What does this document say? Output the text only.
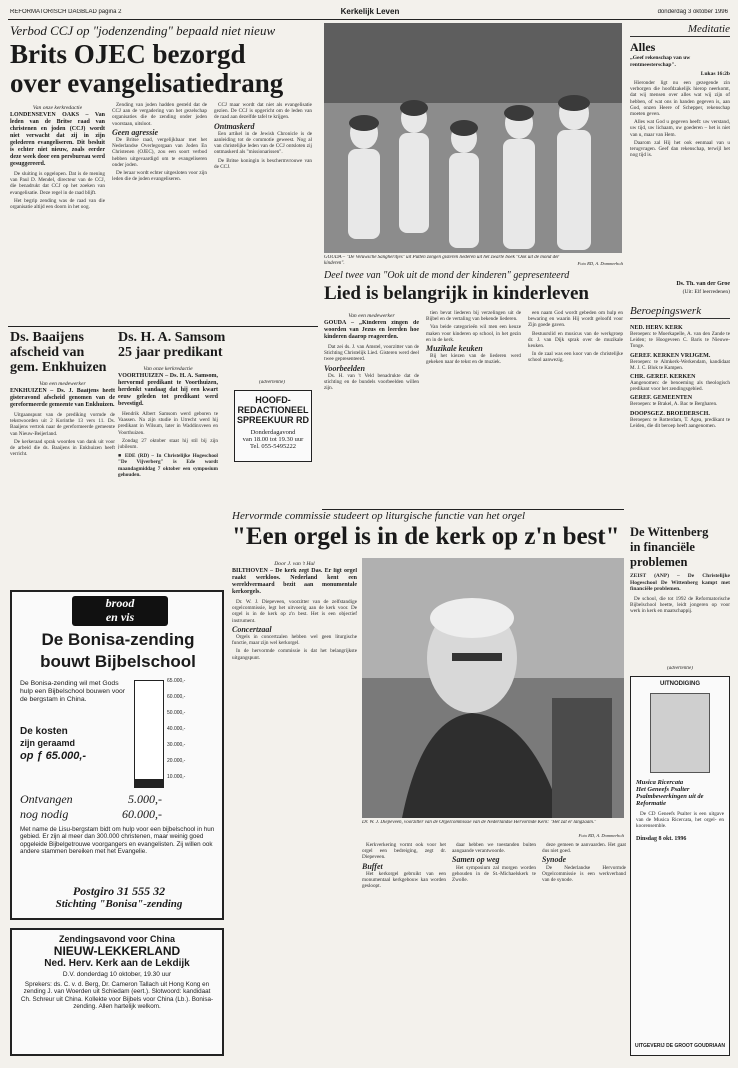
REFORMATORISCH DAGBLAD pagina 2	Kerkelijk Leven	donderdag 3 oktober 1996
Verbod CCJ op "jodenzending" bepaald niet nieuw
Brits OJEC bezorgd
over evangelisatiedrang
Van onze kerkredactie
LONDENSEVEN OAKS – Van leden van de Britse raad van christenen en joden (CCJ) wordt niet verwacht dat zij in zijn gelederen evangeliseren. Dit besluit is echter niet nieuw, zoals eerder deze week door een persbureau werd gesuggereerd.

De sluiting is opgelopen. Dat is de mening van Paul D. Mendel, directeur van de CCJ, die benadrukt dat CCJ op het zoeken van evangelisatie. Deze regel in de raad blijft.

Het begrip zending was de raad van die organisatie altijd een doorn in het oog.

Zending van joden hadden gesteld dat de CCJ aan de vergadering van het gezelschap organisaties die de zending onder joden voorstaan, uitsloot.

Geen agressie

De Britse raad, vergelijkbaar met het Nederlandse Overlegorgaan van Joden En Christenen (OJEC), zou een soort verbod hebben uitgevaardigd om te evangeliseren onder joden.

De leraar wordt echter uitgesloten voor zijn leden die de joden evangeliseren.

CCJ maar wordt dat niet als evangelisatie gezien. De CCJ is opgericht om de leden van de raad aan dezelfde tafel te krijgen.

Ontmaskerd

Een artikel in de Jewish Chronicle is de aanleiding tot de commotie geweest. Nog al van christelijke leden van de CCJ ontsloten zij ontmaskerd als "missionarissen".

De Britse koningin is beschermvrouwe van de CCJ.

Ds. Baaijens
afscheid van
gem. Enkhuizen
Van een medewerker
ENKHUIZEN – Ds. J. Baaijens heeft gisteravond afscheid genomen van de gereformeerde gemeente van Enkhuizen.

Uitgaanspunt van de prediking vormde de tekstwoorden uit 2 Korinthe 13 vers 11. Ds. Baaijens vertrok naar de gereformeerde gemeente van Nieuw-Beijerland.

De kerkeraad sprak woorden van dank uit voor de arbeid die ds. Baaijens in Enkhuizen heeft verricht.

Ds. H. A. Samsom
25 jaar predikant
Van onze kerkredactie
VOORTHUIZEN – Ds. H. A. Samsom, hervormd predikant te Voorthuizen, herdenkt vandaag dat hij een kwart eeuw geleden tot predikant werd bevestigd.

Hendrik Albert Samsom werd geboren te Vaassen. Na zijn studie in Utrecht werd hij predikant in Wilsum, later in Waddinxveen en Voorthuizen.

Zondag 27 oktober staat hij stil bij zijn jubileum.

■ EDE (RD) – In Christelijke Hogeschool "De Vijverberg" is Ede wordt maandagmiddag 7 oktober een symposium gehouden.
(advertentie)
HOOFD-
REDACTIONEEL
SPREEKUUR RD
Donderdagavond
van 18.00 tot 19.30 uur
Tel. 055-5495222
GOUDA – "De Veluwsche Sangheritjes" uit Putten zongen gisteren liederen uit het zwarte boek "Ook uit de mond der kinderen".	Foto RD, A. Dommerholt
Deel twee van "Ook uit de mond der kinderen" gepresenteerd
Lied is belangrijk in kinderleven
Van een medewerker
GOUDA – „Kinderen zingen de woorden van Jezus en leerden hoe kinderen daarop reageerden.

Dat zei ds. J. van Amstel, voorzitter van de Stichting Christelijk Lied. Gisteren werd deel twee gepresenteerd.

Voorbeelden

Ds. H. van 't Veld benadrukte dat de stichting en de bundels voorbeelden willen zijn.

tien bevat liederen bij verzelingen uit de Bijbel en de vertaling van bekende liederen.

Van beide categorieën wil men een keuze maken voor kinderen op school, in het gezin en in de kerk.

Muzikale keuken

Bij het kiezen van de liederen werd gekeken naar de tekst en de muziek.

een naam God wordt gebeden om hulp en bewaring en waarin Hij wordt geloofd voor Zijn goede gaven.

Bestuurslid en musicus van de werkgroep dr. J. van Dijk sprak over de muzikale keuken.

In de zaal was een koor van de christelijke school aanwezig.

Hervormde commissie studeert op liturgische functie van het orgel
"Een orgel is in de kerk op z'n best"
Door J. van 't Hul
BILTHOVEN – De kerk zegt Das. Er ligt orgel raakt werkloos. Nederland kent een wereldvermaard bezit aan monumentale kerkorgels.

Dr. W. J. Diepeveen, voorzitter van de zelfstandige orgelcommissie, legt het uitvoerig aan de kerk voor. De orgel is in de kerk op z'n best. Het is een objectief instrument.

Concertzaal

Orgels in concertzalen hebben wel geen liturgische functie, maar zijn wel kerkorgel.

In de hervormde commissie is dat het belangrijkste uitgangspunt.

Dr. W. J. Diepeveen, voorzitter van de Orgelcommissie van de Nederlandse Hervormde Kerk: "Het zat er langzaam."
Foto RD, A. Dommerholt

Kerkverkering vormt ook voor het orgel een bedreiging, zegt dr. Diepeveen.

Buffet

Het kerkorgel gebruikt van een monumentaal kerkgebouw kan worden gesloopt.

daar hebben we toestanden buiten aangaande verantwoorde.

Samen op weg

Het symposium zal morgen worden gehouden in de St.-Michaelskerk te Zwolle.

deze gemeen te aanvaarden. Het gaat dus niet goed.

Synode

De Nederlandse Hervormde Orgelcommissie is een werkverband van de synode.

brood
en vis
De Bonisa-zending
bouwt Bijbelschool
De Bonisa-zending wil met Gods hulp een Bijbelschool bouwen voor de bergstam in China.
De kosten
zijn geraamd
op ƒ 65.000,-
65.000,-
60.000,-
50.000,-
40.000,-
30.000,-
20.000,-
10.000,-
Ontvangen	5.000,-
nog nodig	60.000,-
Met name de Lisu-bergstam bidt om hulp voor een bijbelschool in hun gebied. Er zijn al meer dan 300.000 christenen, maar weinig goed opgeleide Bijbelgetrouwe voorgangers en evangelisten. Zij willen ook andere stammen bereiken met het Evangelie.
Postgiro 31 555 32
Stichting "Bonisa"-zending
Zendingsavond voor China
NIEUW-LEKKERLAND
Ned. Herv. Kerk aan de Lekdijk
D.V. donderdag 10 oktober, 19.30 uur
Sprekers: ds. C. v. d. Berg, Dr. Cameron Tallach uit Hong Kong en zending J. van Woerden uit Schiedam (eert.). Slotwoord: kandidaat Ch. Schreur uit China. Kollekte voor Bijbels voor China (Lb.). Bonisa-zending. Allen hartelijk welkom.
Meditatie
Alles
„Geef rekenschap van uw rentmeesterschap".
Lukas 16:2b

Hieronder ligt nu een gezegende zin verborgen die hoofdzakelijk hierop neerkomt, dat wij mensen over alles wat wij zijn of hebben, of wat ons in handen gegeven is, aan God, onzen Heere of Schepper, rekenschap moeten geven.

Alles wat God u gegeven heeft: uw verstand, uw tijd, uw lichaam, uw goederen – het is niet van u, maar van Hem.

Daarom zal Hij het ook eenmaal van u terugvragen. Geef dan rekenschap, terwijl het nog tijd is.

Ds. Th. van der Groe
(Uit: Elf leerredenen)
Beroepingswerk
NED. HERV. KERK
Beroepen: te Moerkapelle, A. van den Zande te Leiden; te Hoogeveen C. Baris te Nieuwe-Tonge.
GEREF. KERKEN VRIJGEM.
Beroepen: te Almkerk-Werkendam, kandidaat M. J. C. Blok te Kampen.
CHR. GEREF. KERKEN
Aangenomen: de benoeming als theologisch predikant voor het zendingsgebied.
GEREF. GEMEENTEN
Beroepen: te Brakel, A. Bac te Bergharen.
DOOPSGEZ. BROEDERSCH.
Beroepen: te Rotterdam, T. Agea, predikant te Leiden, die dit beroep heeft aangenomen.
De Wittenberg
in financiële
problemen
ZEIST (ANP) – De Christelijke Hogeschool De Wittenberg kampt met financiële problemen.

De school, die tot 1992 de Reformatorische Bijbelschool heette, leidt jongeren op voor werk in kerk en maatschappij.

(advertentie)
UITNODIGING
Musica Ricercata
Het Geneefs Psalter
Psalmbewerkingen uit de Reformatie

De CD Geneefs Psalter is een uitgave van de Musica Ricercata, het orgel- en koorensemble.

Dinsdag 8 okt. 1996
UITGEVERIJ DE GROOT GOUDRIAAN
